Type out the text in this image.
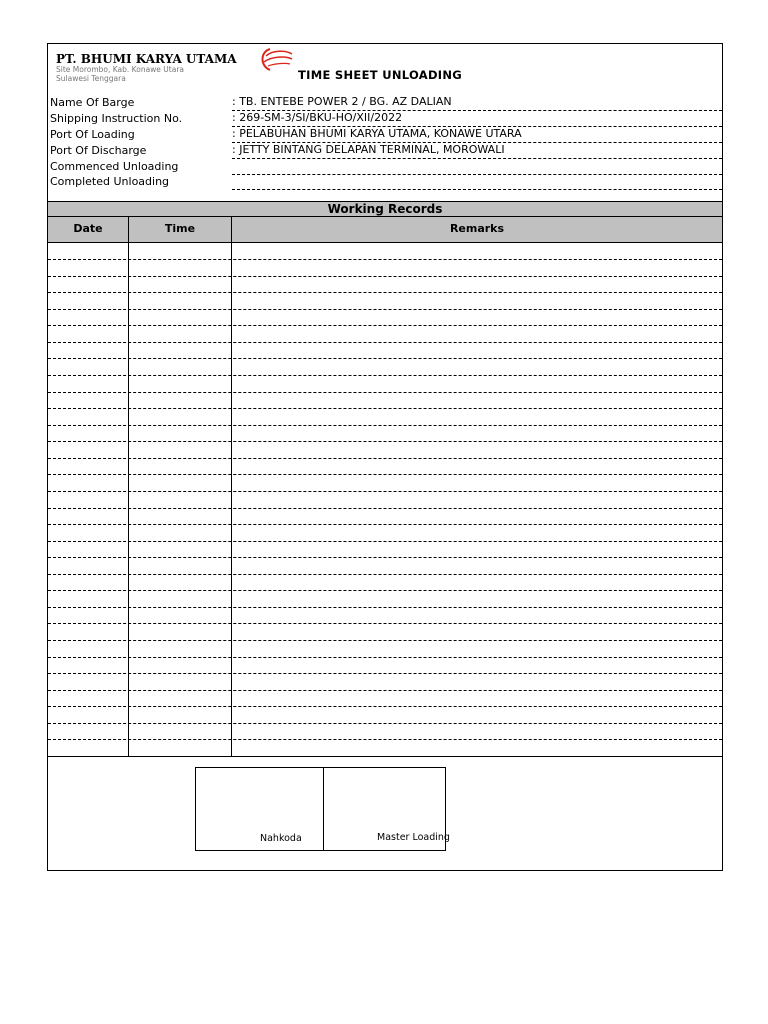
PT. BHUMI KARYA UTAMA
Site Morombo, Kab. Konawe Utara
Sulawesi Tenggara	TIME SHEET UNLOADING
Name Of Barge	: TB. ENTEBE POWER 2 / BG. AZ DALIAN
Shipping Instruction No.	: 269-SM-3/SI/BKU-HO/XII/2022
Port Of Loading	: PELABUHAN BHUMI KARYA UTAMA, KONAWE UTARA
Port Of Discharge	: JETTY BINTANG DELAPAN TERMINAL, MOROWALI
Commenced Unloading
Completed Unloading
Working Records
Date	Time	Remarks
Nahkoda	Master Loading
